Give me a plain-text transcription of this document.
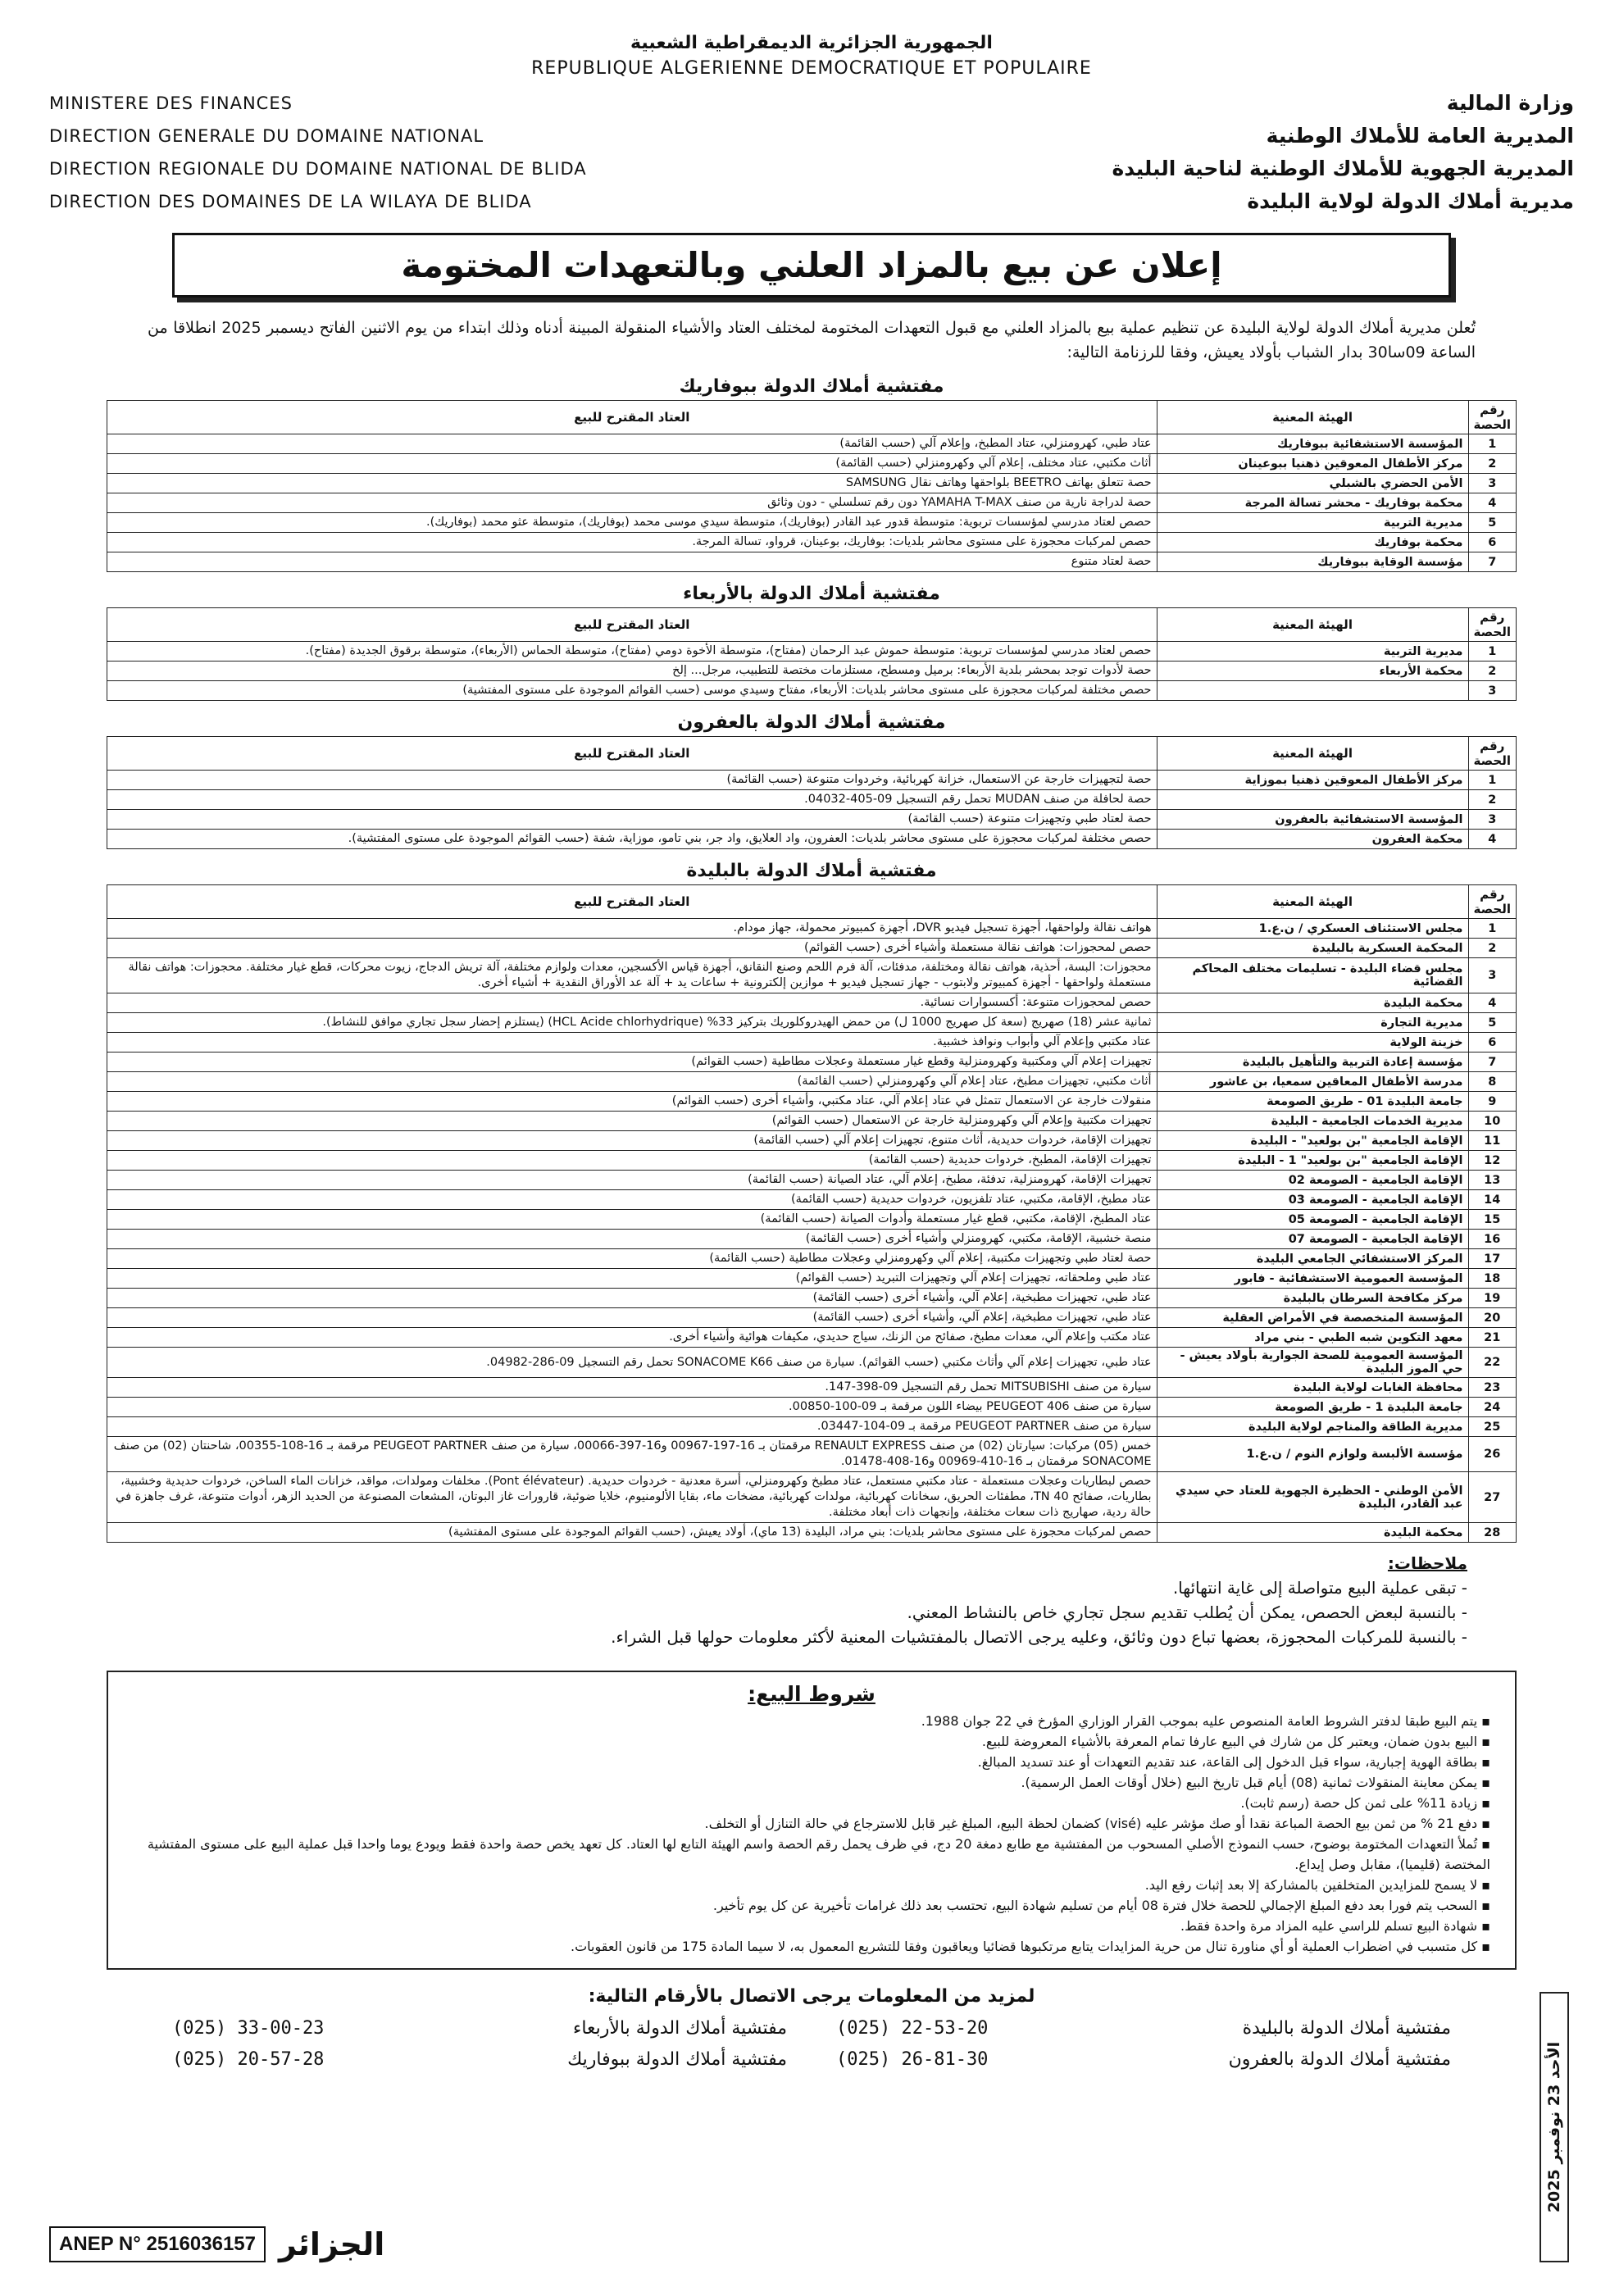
الجمهورية الجزائرية الديمقراطية الشعبية
REPUBLIQUE ALGERIENNE DEMOCRATIQUE ET POPULAIRE
MINISTERE DES FINANCES
DIRECTION GENERALE DU DOMAINE NATIONAL
DIRECTION REGIONALE DU DOMAINE NATIONAL DE BLIDA
DIRECTION DES DOMAINES DE LA WILAYA DE BLIDA
وزارة المالية
المديرية العامة للأملاك الوطنية
المديرية الجهوية للأملاك الوطنية لناحية البليدة
مديرية أملاك الدولة لولاية البليدة
إعلان عن بيع بالمزاد العلني وبالتعهدات المختومة

تُعلن مديرية أملاك الدولة لولاية البليدة عن تنظيم عملية بيع بالمزاد العلني مع قبول التعهدات المختومة لمختلف العتاد والأشياء المنقولة المبينة أدناه وذلك ابتداء من يوم الاثنين الفاتح ديسمبر 2025 انطلاقا من الساعة 09سا30 بدار الشباب بأولاد يعيش، وفقا للرزنامة التالية:

مفتشية أملاك الدولة ببوفاريك
رقم الحصة	الهيئة المعنية	العتاد المقترح للبيع
1	المؤسسة الاستشفائية ببوفاريك	عتاد طبي، كهرومنزلي، عتاد المطبخ، وإعلام آلي (حسب القائمة)
2	مركز الأطفال المعوقين ذهنيا ببوعينان	أثاث مكتبي، عتاد مختلف، إعلام آلي وكهرومنزلي (حسب القائمة)
3	الأمن الحضري بالشبلي	حصة تتعلق بهاتف BEETRO بلواحقها وهاتف نقال SAMSUNG
4	محكمة بوفاريك - محشر تسالة المرجة	حصة لدراجة نارية من صنف YAMAHA T-MAX دون رقم تسلسلي - دون وثائق
5	مديرية التربية	حصص لعتاد مدرسي لمؤسسات تربوية: متوسطة قدور عبد القادر (بوفاريك)، متوسطة سيدي موسى محمد (بوفاريك)، متوسطة عثو محمد (بوفاريك).
6	محكمة بوفاريك	حصص لمركبات محجوزة على مستوى محاشر بلديات: بوفاريك، بوعينان، قرواو، تسالة المرجة.
7	مؤسسة الوقاية ببوفاريك	حصة لعتاد متنوع
مفتشية أملاك الدولة بالأربعاء
رقم الحصة	الهيئة المعنية	العتاد المقترح للبيع
1	مديرية التربية	حصص لعتاد مدرسي لمؤسسات تربوية: متوسطة حموش عبد الرحمان (مفتاح)، متوسطة الأخوة دومي (مفتاح)، متوسطة الحماس (الأربعاء)، متوسطة برقوق الجديدة (مفتاح).
2	محكمة الأربعاء	حصة لأدوات توجد بمحشر بلدية الأربعاء: برميل ومسطح، مستلزمات مختصة للتطبيب، مرجل... إلخ
3		حصص مختلفة لمركبات محجوزة على مستوى محاشر بلديات: الأربعاء، مفتاح وسيدي موسى (حسب القوائم الموجودة على مستوى المفتشية)
مفتشية أملاك الدولة بالعفرون
رقم الحصة	الهيئة المعنية	العتاد المقترح للبيع
1	مركز الأطفال المعوقين ذهنيا بموزاية	حصة لتجهيزات خارجة عن الاستعمال، خزانة كهربائية، وخردوات متنوعة (حسب القائمة)
2		حصة لحافلة من صنف MUDAN تحمل رقم التسجيل 09-405-04032.
3	المؤسسة الاستشفائية بالعفرون	حصة لعتاد طبي وتجهيزات متنوعة (حسب القائمة)
4	محكمة العفرون	حصص مختلفة لمركبات محجوزة على مستوى محاشر بلديات: العفرون، واد العلايق، واد جر، بني تامو، موزاية، شفة (حسب القوائم الموجودة على مستوى المفتشية).
مفتشية أملاك الدولة بالبليدة
رقم الحصة	الهيئة المعنية	العتاد المقترح للبيع
1	مجلس الاستئناف العسكري / ن.ع.1	هواتف نقالة ولواحقها، أجهزة تسجيل فيديو DVR، أجهزة كمبيوتر محمولة، جهاز مودام.
2	المحكمة العسكرية بالبليدة	حصص لمحجوزات: هواتف نقالة مستعملة وأشياء أخرى (حسب القوائم)
3	مجلس قضاء البليدة - تسليمات مختلف المحاكم القضائية	محجوزات: البسة، أحذية، هواتف نقالة ومختلفة، مدفئات، آلة فرم اللحم وصنع النقانق، أجهزة قياس الأكسجين، معدات ولوازم مختلفة، آلة تريش الدجاج، زيوت محركات، قطع غيار مختلفة. محجوزات: هواتف نقالة مستعملة ولواحقها - أجهزة كمبيوتر ولابتوب - جهاز تسجيل فيديو + موازين إلكترونية + ساعات يد + آلة عد الأوراق النقدية + أشياء أخرى.
4	محكمة البليدة	حصص لمحجوزات متنوعة: أكسسوارات نسائية.
5	مديرية التجارة	ثمانية عشر (18) صهريج (سعة كل صهريج 1000 ل) من حمض الهيدروكلوريك بتركيز 33% (HCL Acide chlorhydrique) (يستلزم إحضار سجل تجاري موافق للنشاط).
6	خزينة الولاية	عتاد مكتبي وإعلام آلي وأبواب ونوافذ خشبية.
7	مؤسسة إعادة التربية والتأهيل بالبليدة	تجهيزات إعلام آلي ومكتبية وكهرومنزلية وقطع غيار مستعملة وعجلات مطاطية (حسب القوائم)
8	مدرسة الأطفال المعاقين سمعيا، بن عاشور	أثاث مكتبي، تجهيزات مطبخ، عتاد إعلام آلي وكهرومنزلي (حسب القائمة)
9	جامعة البليدة 01 - طريق الصومعة	منقولات خارجة عن الاستعمال تتمثل في عتاد إعلام آلي، عتاد مكتبي، وأشياء أخرى (حسب القوائم)
10	مديرية الخدمات الجامعية - البليدة	تجهيزات مكتبية وإعلام آلي وكهرومنزلية خارجة عن الاستعمال (حسب القوائم)
11	الإقامة الجامعية "بن بولعيد" - البليدة	تجهيزات الإقامة، خردوات حديدية، أثاث متنوع، تجهيزات إعلام آلي (حسب القائمة)
12	الإقامة الجامعية "بن بولعيد" 1 - البليدة	تجهيزات الإقامة، المطبخ، خردوات حديدية (حسب القائمة)
13	الإقامة الجامعية - الصومعة 02	تجهيزات الإقامة، كهرومنزلية، تدفئة، مطبخ، إعلام آلي، عتاد الصيانة (حسب القائمة)
14	الإقامة الجامعية - الصومعة 03	عتاد مطبخ، الإقامة، مكتبي، عتاد تلفزيون، خردوات حديدية (حسب القائمة)
15	الإقامة الجامعية - الصومعة 05	عتاد المطبخ، الإقامة، مكتبي، قطع غيار مستعملة وأدوات الصيانة (حسب القائمة)
16	الإقامة الجامعية - الصومعة 07	منصة خشبية، الإقامة، مكتبي، كهرومنزلي وأشياء أخرى (حسب القائمة)
17	المركز الاستشفائي الجامعي البليدة	حصة لعتاد طبي وتجهيزات مكتبية، إعلام آلي وكهرومنزلي وعجلات مطاطية (حسب القائمة)
18	المؤسسة العمومية الاستشفائية - فابور	عتاد طبي وملحقاته، تجهيزات إعلام آلي وتجهيزات التبريد (حسب القوائم)
19	مركز مكافحة السرطان بالبليدة	عتاد طبي، تجهيزات مطبخية، إعلام آلي، وأشياء أخرى (حسب القائمة)
20	المؤسسة المتخصصة في الأمراض العقلية	عتاد طبي، تجهيزات مطبخية، إعلام آلي، وأشياء أخرى (حسب القائمة)
21	معهد التكوين شبه الطبي - بني مراد	عتاد مكتب وإعلام آلي، معدات مطبخ، صفائح من الزنك، سياج حديدي، مكيفات هوائية وأشياء أخرى.
22	المؤسسة العمومية للصحة الجوارية بأولاد يعيش - حي الموز البليدة	عتاد طبي، تجهيزات إعلام آلي وأثاث مكتبي (حسب القوائم). سيارة من صنف SONACOME K66 تحمل رقم التسجيل 09-286-04982.
23	محافظة الغابات لولاية البليدة	سيارة من صنف MITSUBISHI تحمل رقم التسجيل 09-398-147.
24	جامعة البليدة 1 - طريق الصومعة	سيارة من صنف PEUGEOT 406 بيضاء اللون مرقمة بـ 09-100-00850.
25	مديرية الطاقة والمناجم لولاية البليدة	سيارة من صنف PEUGEOT PARTNER مرقمة بـ 09-104-03447.
26	مؤسسة الألبسة ولوازم النوم / ن.ع.1	خمس (05) مركبات: سيارتان (02) من صنف RENAULT EXPRESS مرقمتان بـ 16-197-00967 و16-397-00066، سيارة من صنف PEUGEOT PARTNER مرقمة بـ 16-108-00355، شاحنتان (02) من صنف SONACOME مرقمتان بـ 16-410-00969 و16-408-01478.
27	الأمن الوطني - الحظيرة الجهوية للعتاد حي سيدي عبد القادر، البليدة	حصص لبطاريات وعجلات مستعملة - عتاد مكتبي مستعمل، عتاد مطبخ وكهرومنزلي، أسرة معدنية - خردوات حديدية. (Pont élévateur). مخلفات ومولدات، مواقد، خزانات الماء الساخن، خردوات حديدية وخشبية، بطاريات، صفائح TN 40، مطفئات الحريق، سخانات كهربائية، مولدات كهربائية، مضخات ماء، بقايا الألومنيوم، خلايا ضوئية، قارورات غاز البوتان، المشعات المصنوعة من الحديد الزهر، أدوات متنوعة، غرف جاهزة في حالة ردية، صهاريج ذات سعات مختلفة، وإنجهات ذات أبعاد مختلفة.
28	محكمة البليدة	حصص لمركبات محجوزة على مستوى محاشر بلديات: بني مراد، البليدة (13 ماي)، أولاد يعيش، (حسب القوائم الموجودة على مستوى المفتشية)
ملاحظات:
- تبقى عملية البيع متواصلة إلى غاية انتهائها.
- بالنسبة لبعض الحصص، يمكن أن يُطلب تقديم سجل تجاري خاص بالنشاط المعني.
- بالنسبة للمركبات المحجوزة، بعضها تباع دون وثائق، وعليه يرجى الاتصال بالمفتشيات المعنية لأكثر معلومات حولها قبل الشراء.
شروط البيع:
▪ يتم البيع طبقا لدفتر الشروط العامة المنصوص عليه بموجب القرار الوزاري المؤرخ في 22 جوان 1988.
▪ البيع بدون ضمان، ويعتبر كل من شارك في البيع عارفا تمام المعرفة بالأشياء المعروضة للبيع.
▪ بطاقة الهوية إجبارية، سواء قبل الدخول إلى القاعة، عند تقديم التعهدات أو عند تسديد المبالغ.
▪ يمكن معاينة المنقولات ثمانية (08) أيام قبل تاريخ البيع (خلال أوقات العمل الرسمية).
▪ زيادة 11% على ثمن كل حصة (رسم ثابت).
▪ دفع 21 % من ثمن بيع الحصة المباعة نقدا أو صك مؤشر عليه (visé) كضمان لحظة البيع، المبلغ غير قابل للاسترجاع في حالة التنازل أو التخلف.
▪ تُملأ التعهدات المختومة بوضوح، حسب النموذج الأصلي المسحوب من المفتشية مع طابع دمغة 20 دج، في ظرف يحمل رقم الحصة واسم الهيئة التابع لها العتاد. كل تعهد يخص حصة واحدة فقط ويودع يوما واحدا قبل عملية البيع على مستوى المفتشية المختصة (قليميا)، مقابل وصل إيداع.
▪ لا يسمح للمزايدين المتخلفين بالمشاركة إلا بعد إثبات رفع اليد.
▪ السحب يتم فورا بعد دفع المبلغ الإجمالي للحصة خلال فترة 08 أيام من تسليم شهادة البيع، تحتسب بعد ذلك غرامات تأخيرية عن كل يوم تأخير.
▪ شهادة البيع تسلم للراسي عليه المزاد مرة واحدة فقط.
▪ كل متسبب في اضطراب العملية أو أي مناورة تنال من حرية المزايدات يتابع مرتكبوها قضائيا ويعاقبون وفقا للتشريع المعمول به، لا سيما المادة 175 من قانون العقوبات.
لمزيد من المعلومات يرجى الاتصال بالأرقام التالية:
مفتشية أملاك الدولة بالبليدة
(025) 22-53-20
مفتشية أملاك الدولة بالأربعاء
(025) 33-00-23
مفتشية أملاك الدولة بالعفرون
(025) 26-81-30
مفتشية أملاك الدولة ببوفاريك
(025) 20-57-28
الأحد 23 نوفمبر 2025
ANEP N° 2516036157 الجزائر
